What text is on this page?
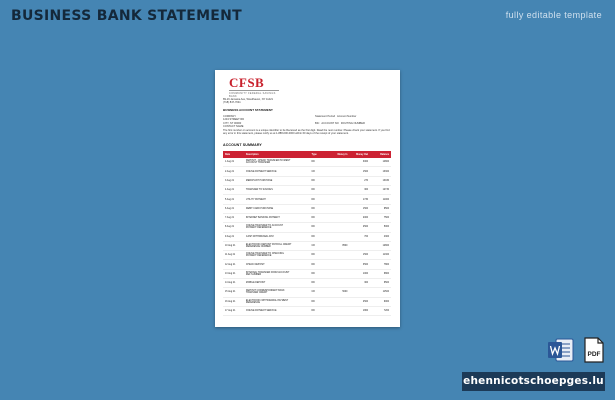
BUSINESS BANK STATEMENT	fully editable template
CFSB
COMMUNITY FEDERAL SAVINGS BANK
89-16 Jamaica Ave, Woodhaven, NY 11421
(718) 847-7041
BUSINESS ACCOUNT STATEMENT
COMPANY
1234 STREET RD
CITY, ST 00000
CONTACT NAME
Statement Period   Account Number

BIC   ACCOUNT NO   ROUTING NUMBER
The first number on account is a unique identifier to be Received as the first digit. Read the next number. Please check your statement. If you find any error in this statement, please notify us at 1-888-000-0000 within 60 days of the receipt of your statement.
ACCOUNT SUMMARY
Date	Description	Type	Money In	Money Out	Balance
1 Aug 21	DEPOSIT - CHECK TRANSFER PAYMENT
ACCOUNT TRANSFER	DD		3000	14800
2 Aug 21	ONLINE PAYMENT SERVICE	CR		1500	13300
3 Aug 21	MERCHANT PURCHASE	DD		270	13030
4 Aug 21	TRANSFER TO SAVINGS	DD		300	12730
5 Aug 21	UTILITY PAYMENT	DD		1730	11000
6 Aug 21	DEBIT CARD PURCHASE	DD		1500	9500
7 Aug 21	INTERNET BANKING PAYMENT	DD		2000	7500
8 Aug 21	ONLINE TRANSFER TO ACCOUNT
PAYMENT REFERENCE	DD		2500	5000
9 Aug 21	CASH WITHDRAWAL ATM	DD		700	4300
10 Aug 21	ELECTRONIC DEPOSIT PAYROLL CREDIT
REFERENCE NUMBER	CR	8500		12800
11 Aug 21	ONLINE TRANSFER TO CHECKING
PAYMENT REFERENCE	DD		1500	11300
12 Aug 21	CHECK DEPOSIT	DD		3500	7800
13 Aug 21	INTERNAL TRANSFER FROM ACCOUNT
REF NUMBER	DD		1000	6800
14 Aug 21	MOBILE DEPOSIT	DD		300	6500
15 Aug 21	DEPOSIT CORRESPONDENT BANK
TRANSFER CREDIT	CR	5000		11500
16 Aug 21	ELECTRONIC WITHDRAWAL PAYMENT
REFERENCE	DD		2500	9000
17 Aug 21	ONLINE PAYMENT SERVICE	DD		1800	7200
PDF
ehennicotschoepges.lu
